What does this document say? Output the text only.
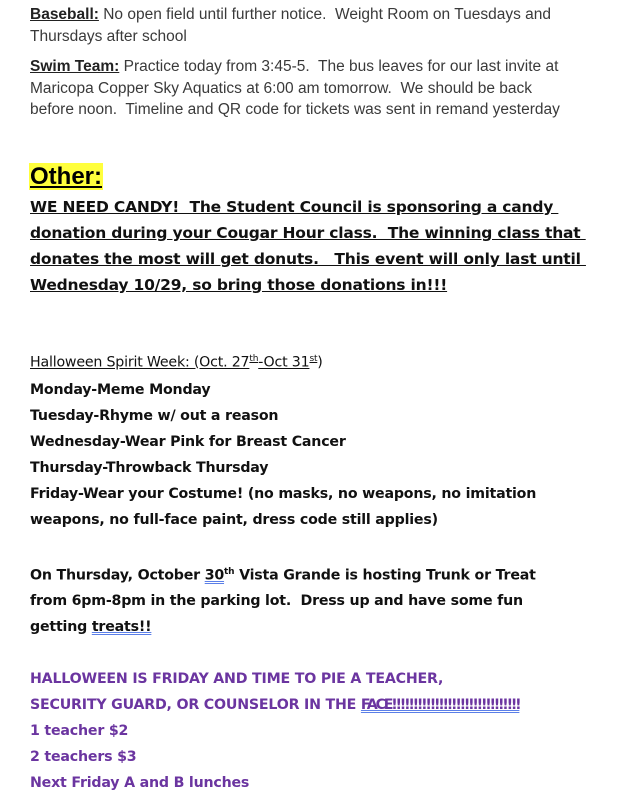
Baseball: No open field until further notice.  Weight Room on Tuesdays and
Thursdays after school
Swim Team: Practice today from 3:45-5.  The bus leaves for our last invite at
Maricopa Copper Sky Aquatics at 6:00 am tomorrow.  We should be back
before noon.  Timeline and QR code for tickets was sent in remand yesterday
Other:
WE NEED CANDY!  The Student Council is sponsoring a candy
donation during your Cougar Hour class.  The winning class that
donates the most will get donuts.   This event will only last until
Wednesday 10/29, so bring those donations in!!!
Halloween Spirit Week: (Oct. 27th-Oct 31st)
Monday-Meme Monday
Tuesday-Rhyme w/ out a reason
Wednesday-Wear Pink for Breast Cancer
Thursday-Throwback Thursday
Friday-Wear your Costume! (no masks, no weapons, no imitation
weapons, no full-face paint, dress code still applies)
On Thursday, October 30th Vista Grande is hosting Trunk or Treat
from 6pm-8pm in the parking lot.  Dress up and have some fun
getting treats!!
HALLOWEEN IS FRIDAY AND TIME TO PIE A TEACHER,
SECURITY GUARD, OR COUNSELOR IN THE FACE!!!!!!!!!!!!!!!!!!!!!!!!!!!!!!
1 teacher $2
2 teachers $3
Next Friday A and B lunches
